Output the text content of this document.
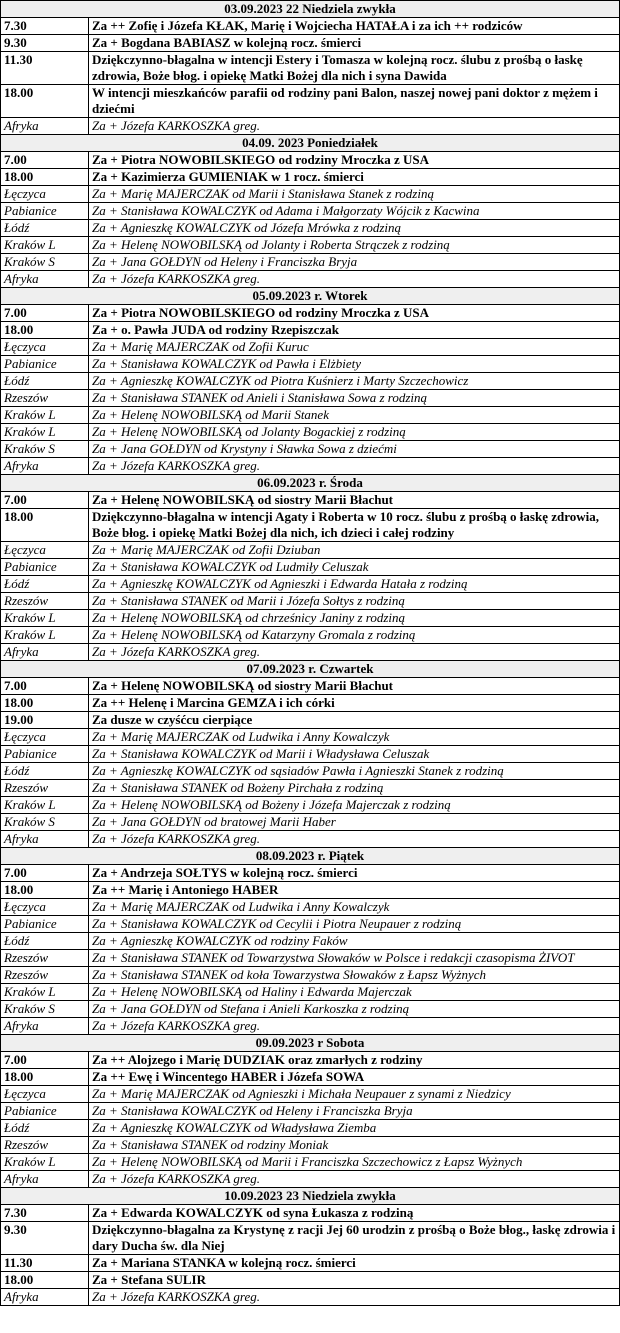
03.09.2023 22 Niedziela zwykła	
7.30	Za ++ Zofię i Józefa KŁAK, Marię i Wojciecha HATAŁA i za ich ++ rodziców
9.30	Za + Bogdana BABIASZ w kolejną rocz. śmierci
11.30	Dziękczynno-błagalna w intencji Estery i Tomasza w kolejną rocz. ślubu z prośbą o łaskę zdrowia, Boże błog. i opiekę Matki Bożej dla nich i syna Dawida
18.00	W intencji mieszkańców parafii od rodziny pani Balon, naszej nowej pani doktor z mężem i dziećmi
Afryka	Za + Józefa KARKOSZKA greg.
04.09. 2023 Poniedziałek	
7.00	Za + Piotra NOWOBILSKIEGO od rodziny Mroczka z USA
18.00	Za + Kazimierza GUMIENIAK w 1 rocz. śmierci
Łęczyca	Za + Marię MAJERCZAK od Marii i Stanisława Stanek z rodziną
Pabianice	Za + Stanisława KOWALCZYK od Adama i Małgorzaty Wójcik z Kacwina
Łódź	Za + Agnieszkę KOWALCZYK od Józefa Mrówka z rodziną
Kraków L	Za + Helenę NOWOBILSKĄ od Jolanty i Roberta Strączek z rodziną
Kraków S	Za + Jana GOŁDYN od Heleny i Franciszka Bryja
Afryka	Za + Józefa KARKOSZKA greg.
05.09.2023 r. Wtorek	
7.00	Za + Piotra NOWOBILSKIEGO od rodziny Mroczka z USA
18.00	Za + o. Pawła JUDA od rodziny Rzepiszczak
Łęczyca	Za + Marię MAJERCZAK od Zofii Kuruc
Pabianice	Za + Stanisława KOWALCZYK od Pawła i Elżbiety
Łódź	Za + Agnieszkę KOWALCZYK od Piotra Kuśnierz i Marty Szczechowicz
Rzeszów	Za + Stanisława STANEK od Anieli i Stanisława Sowa z rodziną
Kraków L	Za + Helenę NOWOBILSKĄ od Marii Stanek
Kraków L	Za + Helenę NOWOBILSKĄ od Jolanty Bogackiej z rodziną
Kraków S	Za + Jana GOŁDYN od Krystyny i Sławka Sowa z dziećmi
Afryka	Za + Józefa KARKOSZKA greg.
06.09.2023 r. Środa	
7.00	Za + Helenę NOWOBILSKĄ od siostry Marii Błachut
18.00	Dziękczynno-błagalna w intencji Agaty i Roberta w 10 rocz. ślubu z prośbą o łaskę zdrowia, Boże błog. i opiekę Matki Bożej dla nich, ich dzieci i całej rodziny
Łęczyca	Za + Marię MAJERCZAK od Zofii Dziuban
Pabianice	Za + Stanisława KOWALCZYK od Ludmiły Celuszak
Łódź	Za + Agnieszkę KOWALCZYK od Agnieszki i Edwarda Hatała z rodziną
Rzeszów	Za + Stanisława STANEK od Marii i Józefa Sołtys z rodziną
Kraków L	Za + Helenę NOWOBILSKĄ od chrześnicy Janiny z rodziną
Kraków L	Za + Helenę NOWOBILSKĄ od Katarzyny Gromala z rodziną
Afryka	Za + Józefa KARKOSZKA greg.
07.09.2023 r. Czwartek	
7.00	Za + Helenę NOWOBILSKĄ od siostry Marii Błachut
18.00	Za ++ Helenę i Marcina GEMZA i ich córki
19.00	Za dusze w czyśćcu cierpiące
Łęczyca	Za + Marię MAJERCZAK od Ludwika i Anny Kowalczyk
Pabianice	Za + Stanisława KOWALCZYK od Marii i Władysława Celuszak
Łódź	Za + Agnieszkę KOWALCZYK od sąsiadów Pawła i Agnieszki Stanek z rodziną
Rzeszów	Za + Stanisława STANEK od Bożeny Pirchała z rodziną
Kraków L	Za + Helenę NOWOBILSKĄ od Bożeny i Józefa Majerczak z rodziną
Kraków S	Za + Jana GOŁDYN od bratowej Marii Haber
Afryka	Za + Józefa KARKOSZKA greg.
08.09.2023 r. Piątek	
7.00	Za + Andrzeja SOŁTYS w kolejną rocz. śmierci
18.00	Za ++ Marię i Antoniego HABER
Łęczyca	Za + Marię MAJERCZAK od Ludwika i Anny Kowalczyk
Pabianice	Za + Stanisława KOWALCZYK od Cecylii i Piotra Neupauer z rodziną
Łódź	Za + Agnieszkę KOWALCZYK od rodziny Faków
Rzeszów	Za + Stanisława STANEK od Towarzystwa Słowaków w Polsce i redakcji czasopisma ŻIVOT
Rzeszów	Za + Stanisława STANEK od koła Towarzystwa Słowaków z Łapsz Wyżnych
Kraków L	Za + Helenę NOWOBILSKĄ od Haliny i Edwarda Majerczak
Kraków S	Za + Jana GOŁDYN od Stefana i Anieli Karkoszka z rodziną
Afryka	Za + Józefa KARKOSZKA greg.
09.09.2023 r Sobota	
7.00	Za ++ Alojzego i Marię DUDZIAK oraz zmarłych z rodziny
18.00	Za ++ Ewę i Wincentego HABER i Józefa SOWA
Łęczyca	Za + Marię MAJERCZAK od Agnieszki i Michała Neupauer z synami z Niedzicy
Pabianice	Za + Stanisława KOWALCZYK od Heleny i Franciszka Bryja
Łódź	Za + Agnieszkę KOWALCZYK od Władysława Ziemba
Rzeszów	Za + Stanisława STANEK od rodziny Moniak
Kraków L	Za + Helenę NOWOBILSKĄ od Marii i Franciszka Szczechowicz z Łapsz Wyżnych
Afryka	Za + Józefa KARKOSZKA greg.
10.09.2023 23 Niedziela zwykła	
7.30	Za + Edwarda KOWALCZYK od syna Łukasza z rodziną
9.30	Dziękczynno-błagalna za Krystynę z racji Jej 60 urodzin z prośbą o Boże błog., łaskę zdrowia i dary Ducha św. dla Niej
11.30	Za + Mariana STANKA w kolejną rocz. śmierci
18.00	Za + Stefana SULIR
Afryka	Za + Józefa KARKOSZKA greg.
